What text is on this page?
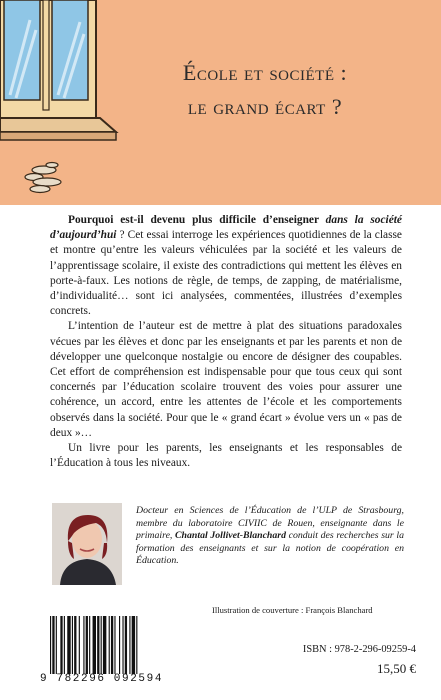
École et société :
le grand écart ?

Pourquoi est-il devenu plus difficile d’enseigner dans la société d’aujourd’hui ? Cet essai interroge les expériences quotidiennes de la classe et montre qu’entre les valeurs véhiculées par la société et les valeurs de l’apprentissage scolaire, il existe des contradictions qui mettent les élèves en porte-à-faux. Les notions de règle, de temps, de zapping, de matérialisme, d’individualité… sont ici analysées, commentées, illustrées d’exemples concrets.

L’intention de l’auteur est de mettre à plat des situations paradoxales vécues par les élèves et donc par les enseignants et par les parents et non de développer une quelconque nostalgie ou encore de désigner des coupables. Cet effort de compréhension est indispensable pour que tous ceux qui sont concernés par l’éducation scolaire trouvent des voies pour assurer une cohérence, un accord, entre les attentes de l’école et les comportements observés dans la société. Pour que le « grand écart » évolue vers un « pas de deux »…

Un livre pour les parents, les enseignants et les responsables de l’Éducation à tous les niveaux.

Docteur en Sciences de l’Éducation de l’ULP de Strasbourg, membre du laboratoire CIVIIC de Rouen, enseignante dans le primaire, Chantal Jollivet-Blanchard conduit des recherches sur la formation des enseignants et sur la notion de coopération en Éducation.
Illustration de couverture : François Blanchard
9 782296 092594
ISBN : 978-2-296-09259-4
15,50 €
